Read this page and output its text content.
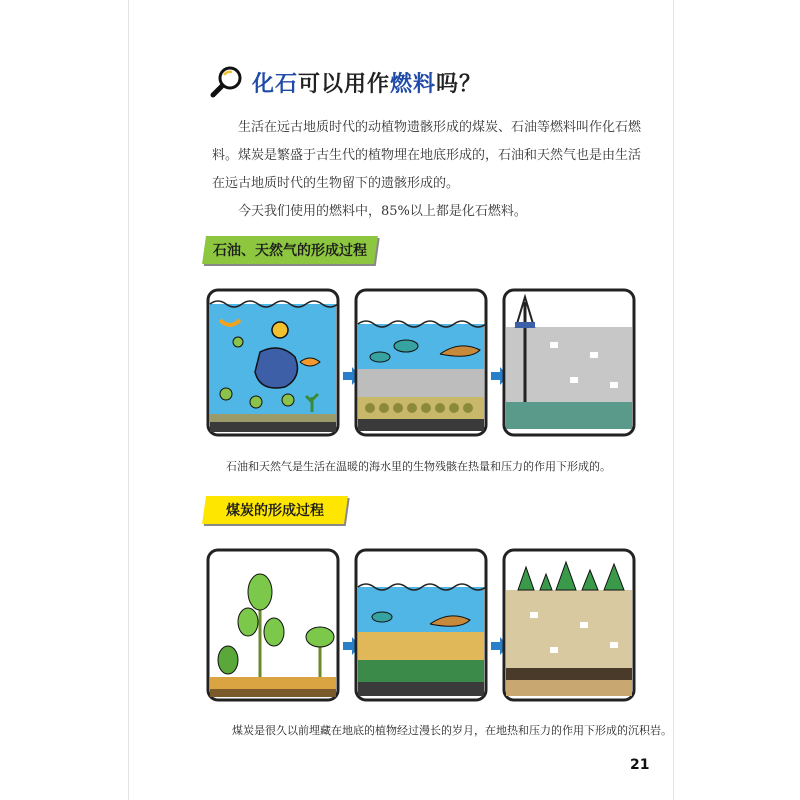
化石可以用作燃料吗？

生活在远古地质时代的动植物遗骸形成的煤炭、石油等燃料叫作化石燃料。煤炭是繁盛于古生代的植物埋在地底形成的，石油和天然气也是由生活在远古地质时代的生物留下的遗骸形成的。

今天我们使用的燃料中，85%以上都是化石燃料。

石油、天然气的形成过程
石油和天然气是生活在温暖的海水里的生物残骸在热量和压力的作用下形成的。
煤炭的形成过程
煤炭是很久以前埋藏在地底的植物经过漫长的岁月，在地热和压力的作用下形成的沉积岩。
21
